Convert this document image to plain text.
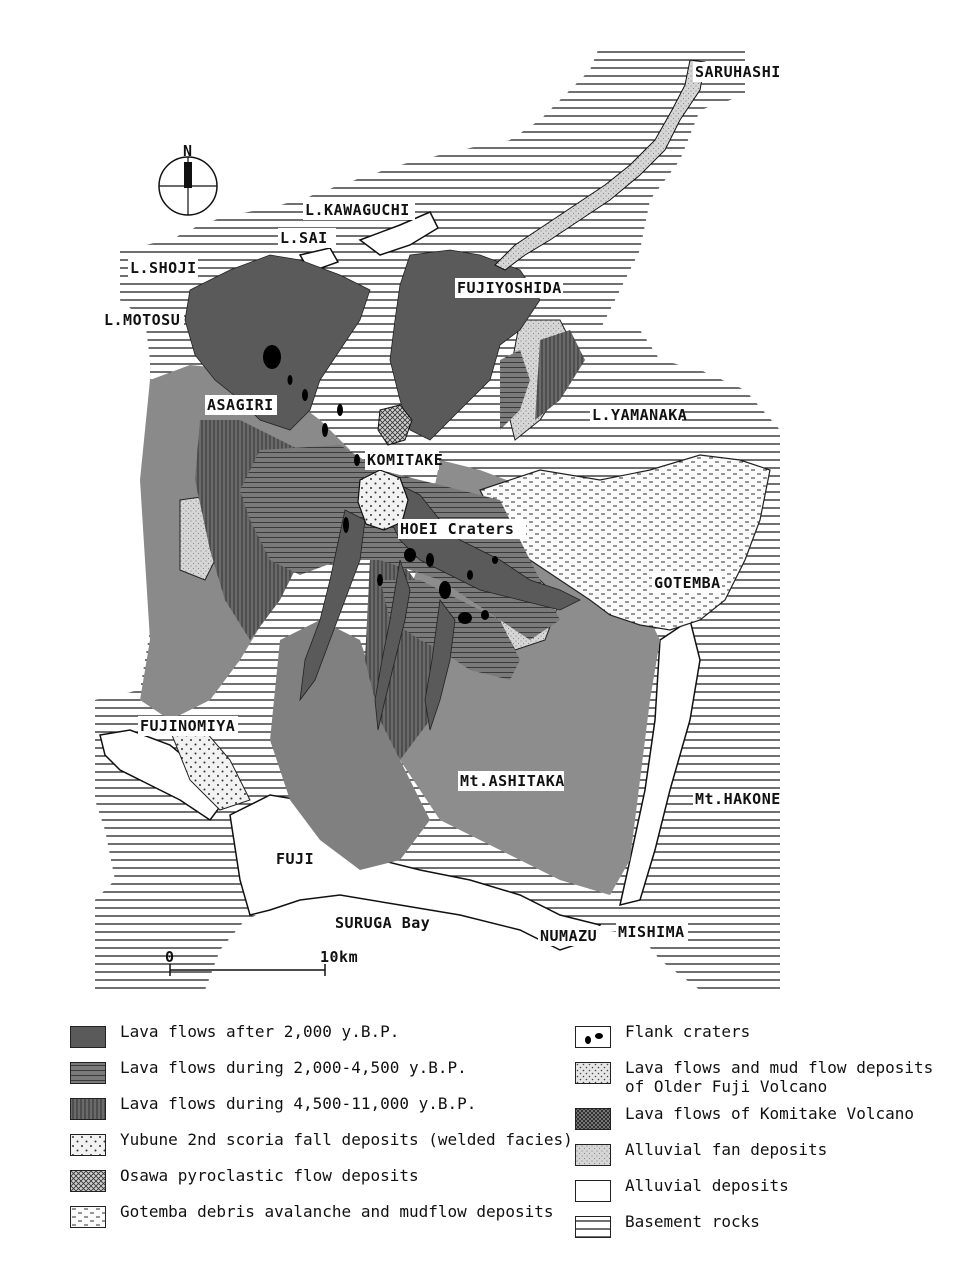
N
0	10km
SARUHASHI
L.KAWAGUCHI
L.SAI
L.SHOJI
L.MOTOSU
FUJIYOSHIDA
ASAGIRI
L.YAMANAKA
KOMITAKE
HOEI Craters
GOTEMBA
FUJINOMIYA
Mt.ASHITAKA
Mt.HAKONE
FUJI
SURUGA Bay
NUMAZU MISHIMA
Lava flows after 2,000 y.B.P.
Lava flows during 2,000-4,500 y.B.P.
Lava flows during 4,500-11,000 y.B.P.
Yubune 2nd scoria fall deposits (welded facies)
Osawa pyroclastic flow deposits
Gotemba debris avalanche and mudflow deposits
Flank craters
Lava flows and mud flow deposits
of Older Fuji Volcano
Lava flows of Komitake Volcano
Alluvial fan deposits
Alluvial deposits
Basement rocks
